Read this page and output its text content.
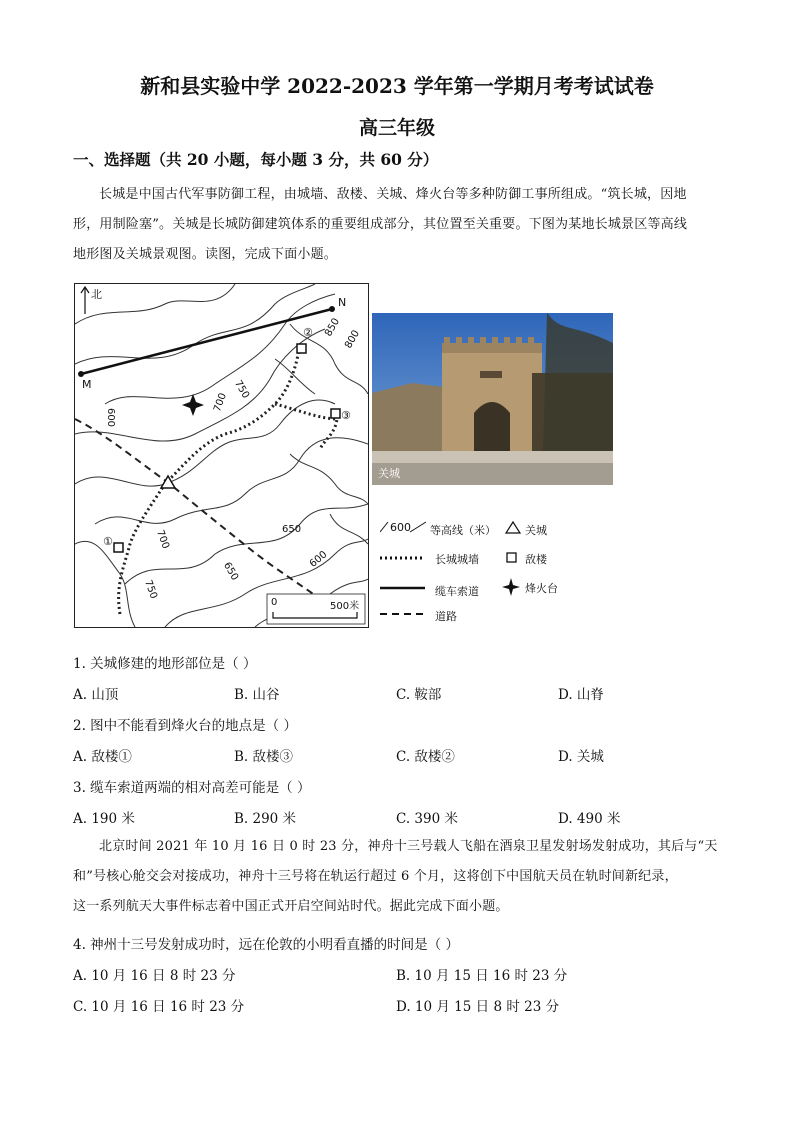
新和县实验中学 2022-2023 学年第一学期月考考试试卷
高三年级
一、选择题（共 20 小题，每小题 3 分，共 60 分）
长城是中国古代军事防御工程，由城墙、敌楼、关城、烽火台等多种防御工事所组成。“筑长城，因地
形，用制险塞”。关城是长城防御建筑体系的重要组成部分，其位置至关重要。下图为某地长城景区等高线
地形图及关城景观图。读图，完成下面小题。
北
M
N
②
③
①
850
800
750
700
600
700	650
600
650
750
0	500米
关城
600 等高线（米）	关城
长城城墙	敌楼
缆车索道	烽火台
道路
1. 关城修建的地形部位是（ ）
A. 山顶	B. 山谷	C. 鞍部	D. 山脊
2. 图中不能看到烽火台的地点是（ ）
A. 敌楼①	B. 敌楼③	C. 敌楼②	D. 关城
3. 缆车索道两端的相对高差可能是（ ）
A. 190 米	B. 290 米	C. 390 米	D. 490 米
北京时间 2021 年 10 月 16 日 0 时 23 分，神舟十三号载人飞船在酒泉卫星发射场发射成功，其后与“天
和”号核心舱交会对接成功，神舟十三号将在轨运行超过 6 个月，这将创下中国航天员在轨时间新纪录，
这一系列航天大事件标志着中国正式开启空间站时代。据此完成下面小题。
4. 神州十三号发射成功时，远在伦敦的小明看直播的时间是（ ）
A. 10 月 16 日 8 时 23 分	B. 10 月 15 日 16 时 23 分
C. 10 月 16 日 16 时 23 分	D. 10 月 15 日 8 时 23 分
